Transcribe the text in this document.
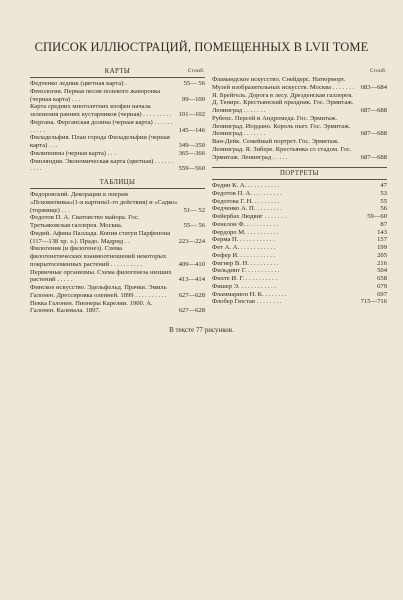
СПИСОК ИЛЛЮСТРАЦИЙ, ПОМЕЩЕННЫХ В LVII ТОМЕ
КАРТЫ	Стоиб.
Федченко ледник (цветная карта) .	55— 56
Фенология. Первая песня полевого жаворонка (черная карта) . . .	99—100
Карта средних многолетних изофен начала зеленения ранних кустарников (черная) . . . . . . . . .	101—102
Фергана. Ферганская долина (черная карта) . . . . . . . . . . .	145—146
Филадельфия. План города Филадельфии (черная карта) . . .	349—350
Филиппины (черная карта) . . .	365—366
Финляндия. Экономическая карта (цветная) . . . . . . . . . .	559—560
ТАБЛИЦЫ
Федоровский. Декорации к операм «Псковитянка»(1-я картина1-го действия) и «Садко» (торжище) . . .	51— 52
Федотов П. А. Сватовство майора. Гос. Третьяковская галлерея. Москва.	55— 56
Фидий. Афина Паллада. Копия статуи Парфенона (117—138 хр. э.). Прадо. Мадрид . .	223—224
Филогения (и филогенез). Схема филогенетических взаимоотношений некоторых покрытосеменных растений . . . . . . . . . .	409—410
Первичные организмы. Схема филогенеза низших растений . . . . .	413—414
Финское искусство. Эдельфельд. Прачки. Эмиль Галонен. Дрессировка олеиней. 1899 . . . . . . . . . .	627—628
Пекка Галонен. Пионеры Карелии. 1900. А. Галонен. Калевала. 1897.	627—628
Стоиб.
Фламандское искусство. Снейдерс. Натюрморт. Музей изобразительных искусств. Москва . . . . . . . 683—684
Я. Брейгель. Дорога в лесу. Дрезденская галлерея. Д. Тенирс. Крестьянский праздник. Гос. Эрмитаж. Ленинград . . . . . . .	687—688
Рубенс. Персей и Андромеда. Гос. Эрмитаж. Ленинград. Иордано. Король пьет. Гос. Эрмитаж. Ленинград . . . . . . .	687—688
Ван-Дейк. Семейный портрет. Гос. Эрмитаж. Ленинград. Я. Зибере. Крестьянка со стадом. Гос. Эрмитаж. Ленинград . . . . .	687—688
ПОРТРЕТЫ
Федин К. А. . . . . . . . . . .	47
Федотов П. А. . . . . . . . . .	53
Федотова Г. Н. . . . . . . . .	55
Федченко А. П. . . . . . . . .	56
Фейербах Людвиг . . . . . . .	59—60
Фенелон Ф. . . . . . . . . . .	87
Фердоро М. . . . . . . . . . .	143
Ферма П. . . . . . . . . . . .	157
Фет А. А. . . . . . . . . . . .	199
Фефер И. . . . . . . . . . . .	205
Фигнер В. Н. . . . . . . . . .	216
Фильдинг Г. . . . . . . . . . .	504
Фихте И. Г. . . . . . . . . . .	658
Фишер Э. . . . . . . . . . . .	679
Фламмарион Н. К. . . . . . . .	697
Флобер Гюстав . . . . . . . .	715—716
В тексте 77 рисунков.
